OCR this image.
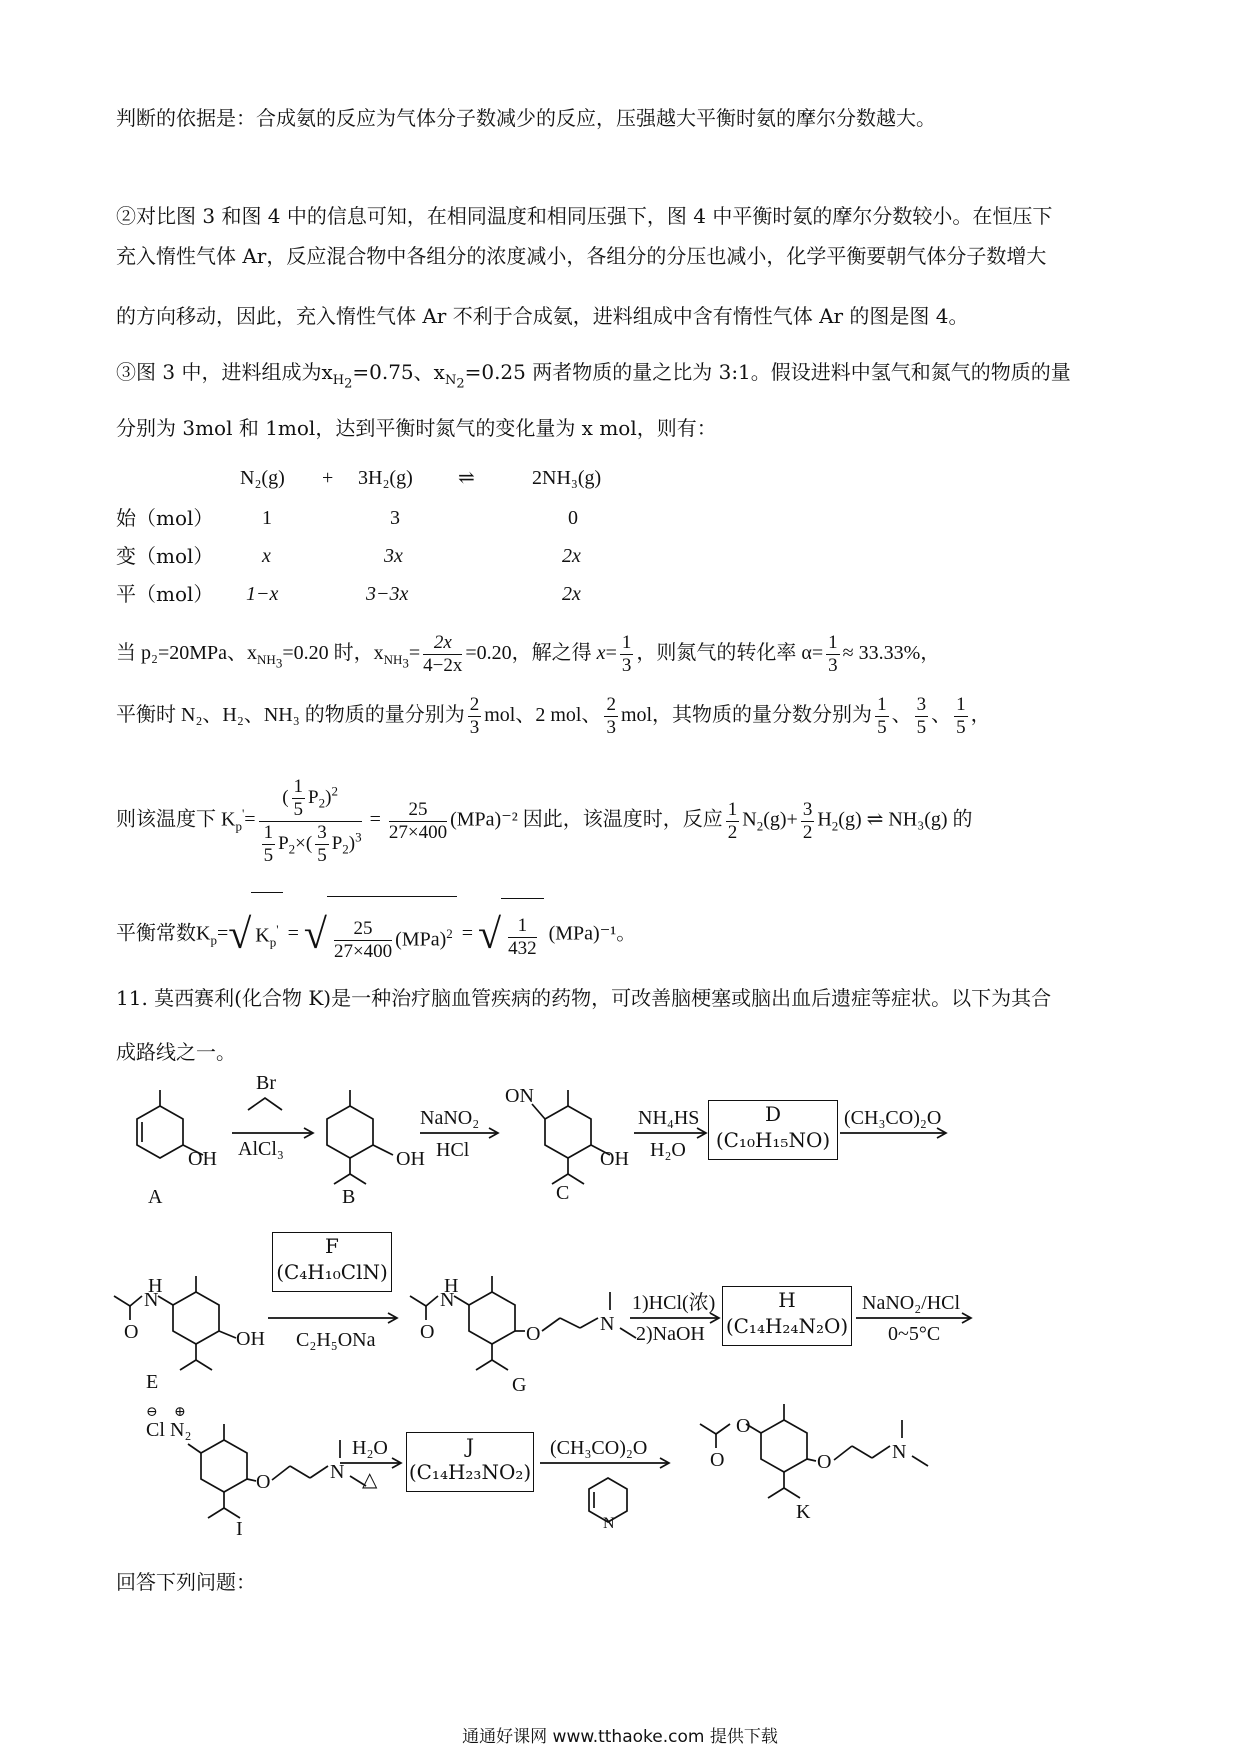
判断的依据是：合成氨的反应为气体分子数减少的反应，压强越大平衡时氨的摩尔分数越大。
②对比图 3 和图 4 中的信息可知，在相同温度和相同压强下，图 4 中平衡时氨的摩尔分数较小。在恒压下
充入惰性气体 Ar，反应混合物中各组分的浓度减小，各组分的分压也减小，化学平衡要朝气体分子数增大
的方向移动，因此，充入惰性气体 Ar 不利于合成氨，进料组成中含有惰性气体 Ar 的图是图 4。
③图 3 中，进料组成为$x_{H_2}=0.75$、$x_{N_2}=0.25$ 两者物质的量之比为 3:1。假设进料中氢气和氮气的物质的量
分别为 3mol 和 1mol，达到平衡时氮气的变化量为 x mol，则有：
N₂(g) + 3H₂(g) ⇌	2NH₃(g)
始（mol） 1	3	0
变（mol） x	3x	2x
平（mol） 1−x	3−3x	2x
当 p₂=20MPa、$x_{NH_3}=0.20$ 时，$x_{NH_3}= \frac{2x}{4-2x} =0.20$，解之得 $x= \frac{1}{3}$ ，则氮气的转化率 $\alpha= \frac{1}{3} \approx 33.33\%$，
平衡时 N₂、H₂、NH₃ 的物质的量分别为 $\frac{2}{3}$ mol、2 mol、 $\frac{2}{3}$ mol，其物质的量分数分别为 $\frac{1}{5}$ 、 $\frac{3}{5}$ 、 $\frac{1}{5}$ ，
则该温度下 $K_p'= \frac{( \frac{1}{5} P_2)^2}{\frac{1}{5} P_2\times( \frac{3}{5} P_2)^3} = \frac{25}{27\times 400} (MPa)^{-2}$ 因此，该温度时，反应 $\frac{1}{2} N_2(g)+ \frac{3}{2} H_2(g)$ ⇌ NH₃(g) 的
平衡常数$K_p=√$ $K_p'$ = √ $\frac{25}{27\times 400} (MPa)^2$ = √ $\frac{1}{432} (MPa)^{-1}$。
11. 莫西赛利(化合物 K)是一种治疗脑血管疾病的药物，可改善脑梗塞或脑出血后遗症等症状。以下为其合
成路线之一。
OH	OH	OH
ON
H
N
O	OH
H
N
O	O	N
Cl N₂
⊖ ⊕
O	N
N
O
O	O	N
A	B	C
E	G
I
K
Br
AlCl₃
NaNO₂
HCl
NH₄HS
H₂O
(CH₃CO)₂O
C₂H₅ONa
1)HCl(浓)
2)NaOH
NaNO₂/HCl
0~5°C
H₂O
△
(CH₃CO)₂O
D
(C₁₀H₁₅NO)
F
(C₄H₁₀ClN)
H
(C₁₄H₂₄N₂O)
J
(C₁₄H₂₃NO₂)
回答下列问题：
通通好课网 www.tthaoke.com 提供下载
